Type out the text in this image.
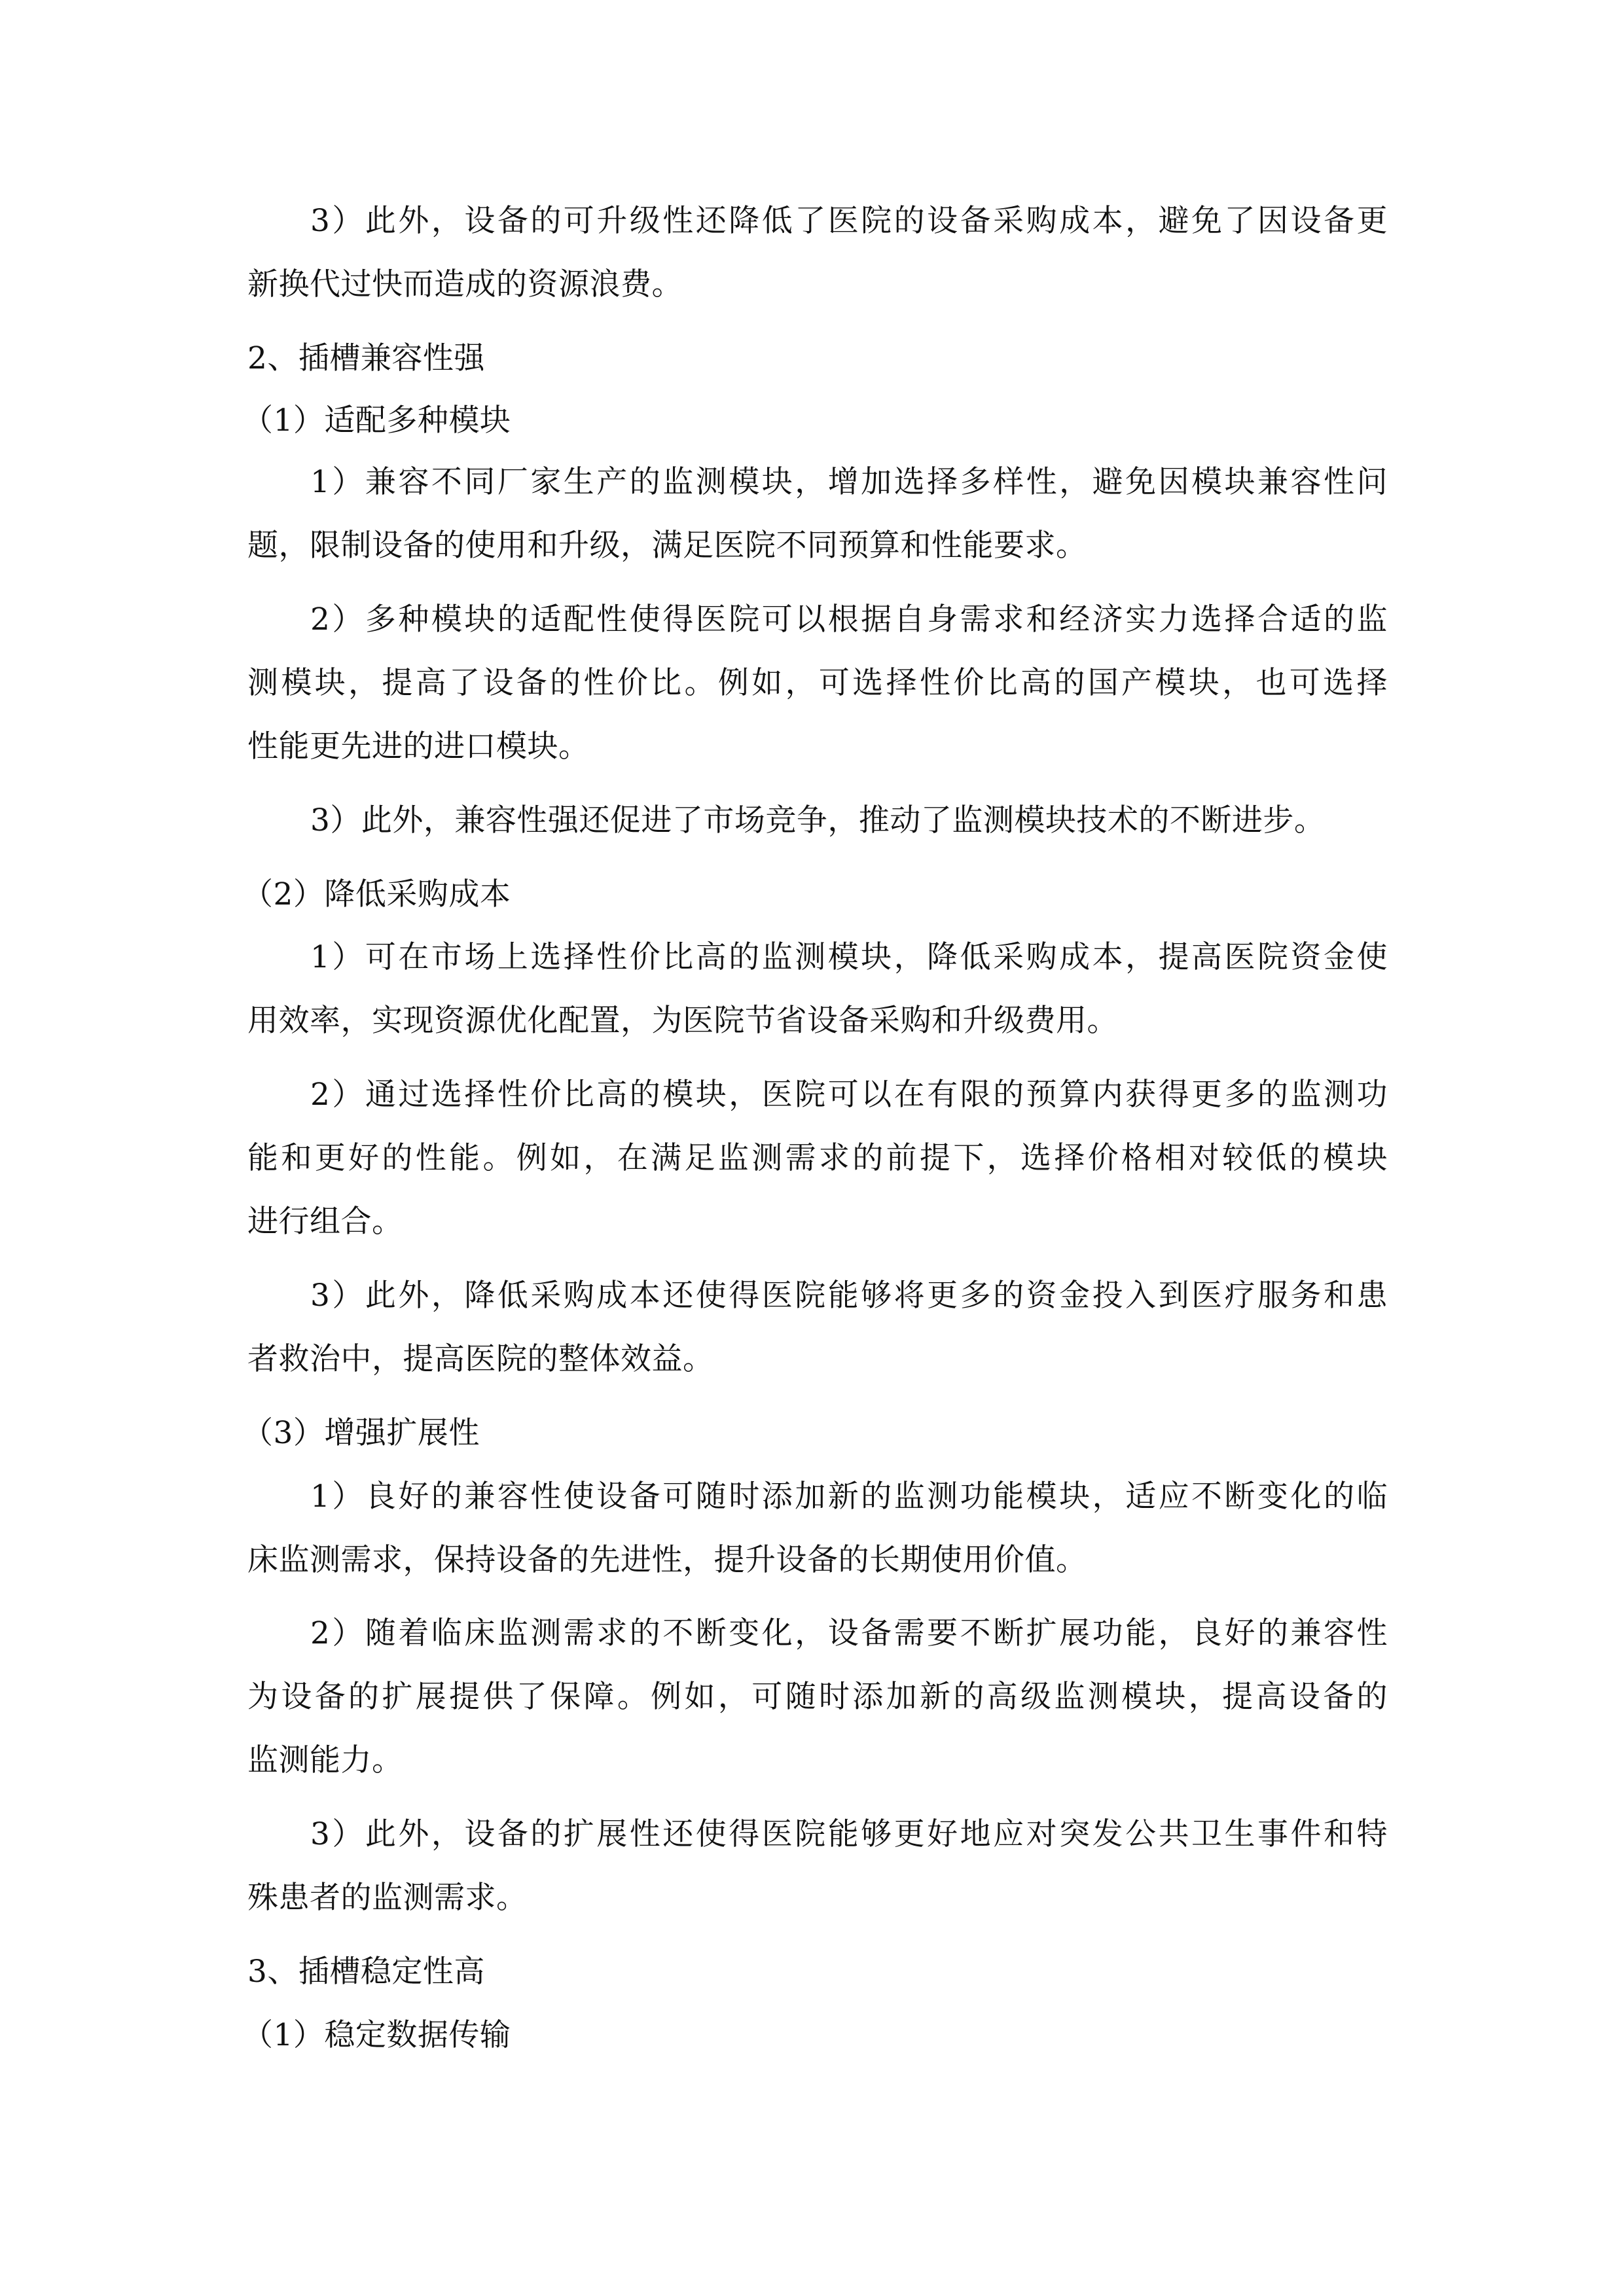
3）此外，设备的可升级性还降低了医院的设备采购成本，避免了因设备更
新换代过快而造成的资源浪费。
2、插槽兼容性强
（1）适配多种模块
1）兼容不同厂家生产的监测模块，增加选择多样性，避免因模块兼容性问
题，限制设备的使用和升级，满足医院不同预算和性能要求。
2）多种模块的适配性使得医院可以根据自身需求和经济实力选择合适的监
测模块，提高了设备的性价比。例如，可选择性价比高的国产模块，也可选择
性能更先进的进口模块。
3）此外，兼容性强还促进了市场竞争，推动了监测模块技术的不断进步。
（2）降低采购成本
1）可在市场上选择性价比高的监测模块，降低采购成本，提高医院资金使
用效率，实现资源优化配置，为医院节省设备采购和升级费用。
2）通过选择性价比高的模块，医院可以在有限的预算内获得更多的监测功
能和更好的性能。例如，在满足监测需求的前提下，选择价格相对较低的模块
进行组合。
3）此外，降低采购成本还使得医院能够将更多的资金投入到医疗服务和患
者救治中，提高医院的整体效益。
（3）增强扩展性
1）良好的兼容性使设备可随时添加新的监测功能模块，适应不断变化的临
床监测需求，保持设备的先进性，提升设备的长期使用价值。
2）随着临床监测需求的不断变化，设备需要不断扩展功能，良好的兼容性
为设备的扩展提供了保障。例如，可随时添加新的高级监测模块，提高设备的
监测能力。
3）此外，设备的扩展性还使得医院能够更好地应对突发公共卫生事件和特
殊患者的监测需求。
3、插槽稳定性高
（1）稳定数据传输
